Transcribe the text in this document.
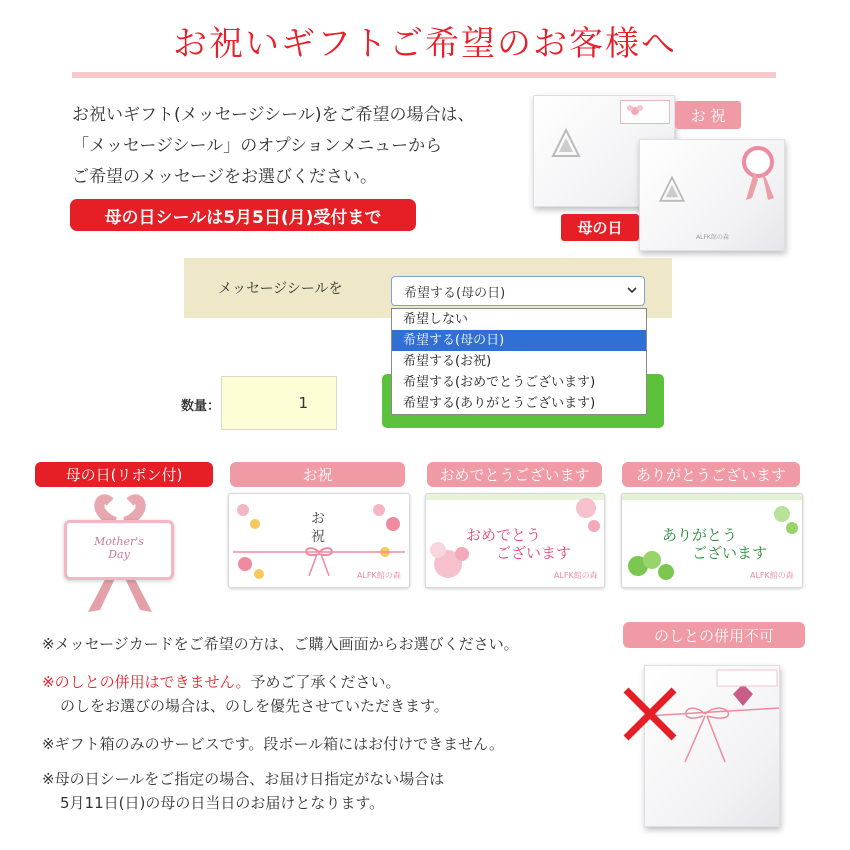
お祝いギフトご希望のお客様へ
お祝いギフト(メッセージシール)をご希望の場合は、
「メッセージシール」のオプションメニューから
ご希望のメッセージをお選びください。
母の日シールは5月5日(月)受付まで
お 祝
ALFK館の森
母の日
メッセージシールを	希望する(母の日)
希望しない
希望する(母の日)
希望する(お祝)
希望する(おめでとうございます)
希望する(ありがとうございます)
数量：	1
母の日(リボン付)	お祝	おめでとうございます	ありがとうございます
Mother's
Day
お
祝
ALFK館の森
おめでとう
ございます
ALFK館の森
ありがとう
ございます
ALFK館の森
※メッセージカードをご希望の方は、ご購入画面からお選びください。
※のしとの併用はできません。予めご了承ください。
のしをお選びの場合は、のしを優先させていただきます。
※ギフト箱のみのサービスです。段ボール箱にはお付けできません。
※母の日シールをご指定の場合、お届け日指定がない場合は
5月11日(日)の母の日当日のお届けとなります。
のしとの併用不可
